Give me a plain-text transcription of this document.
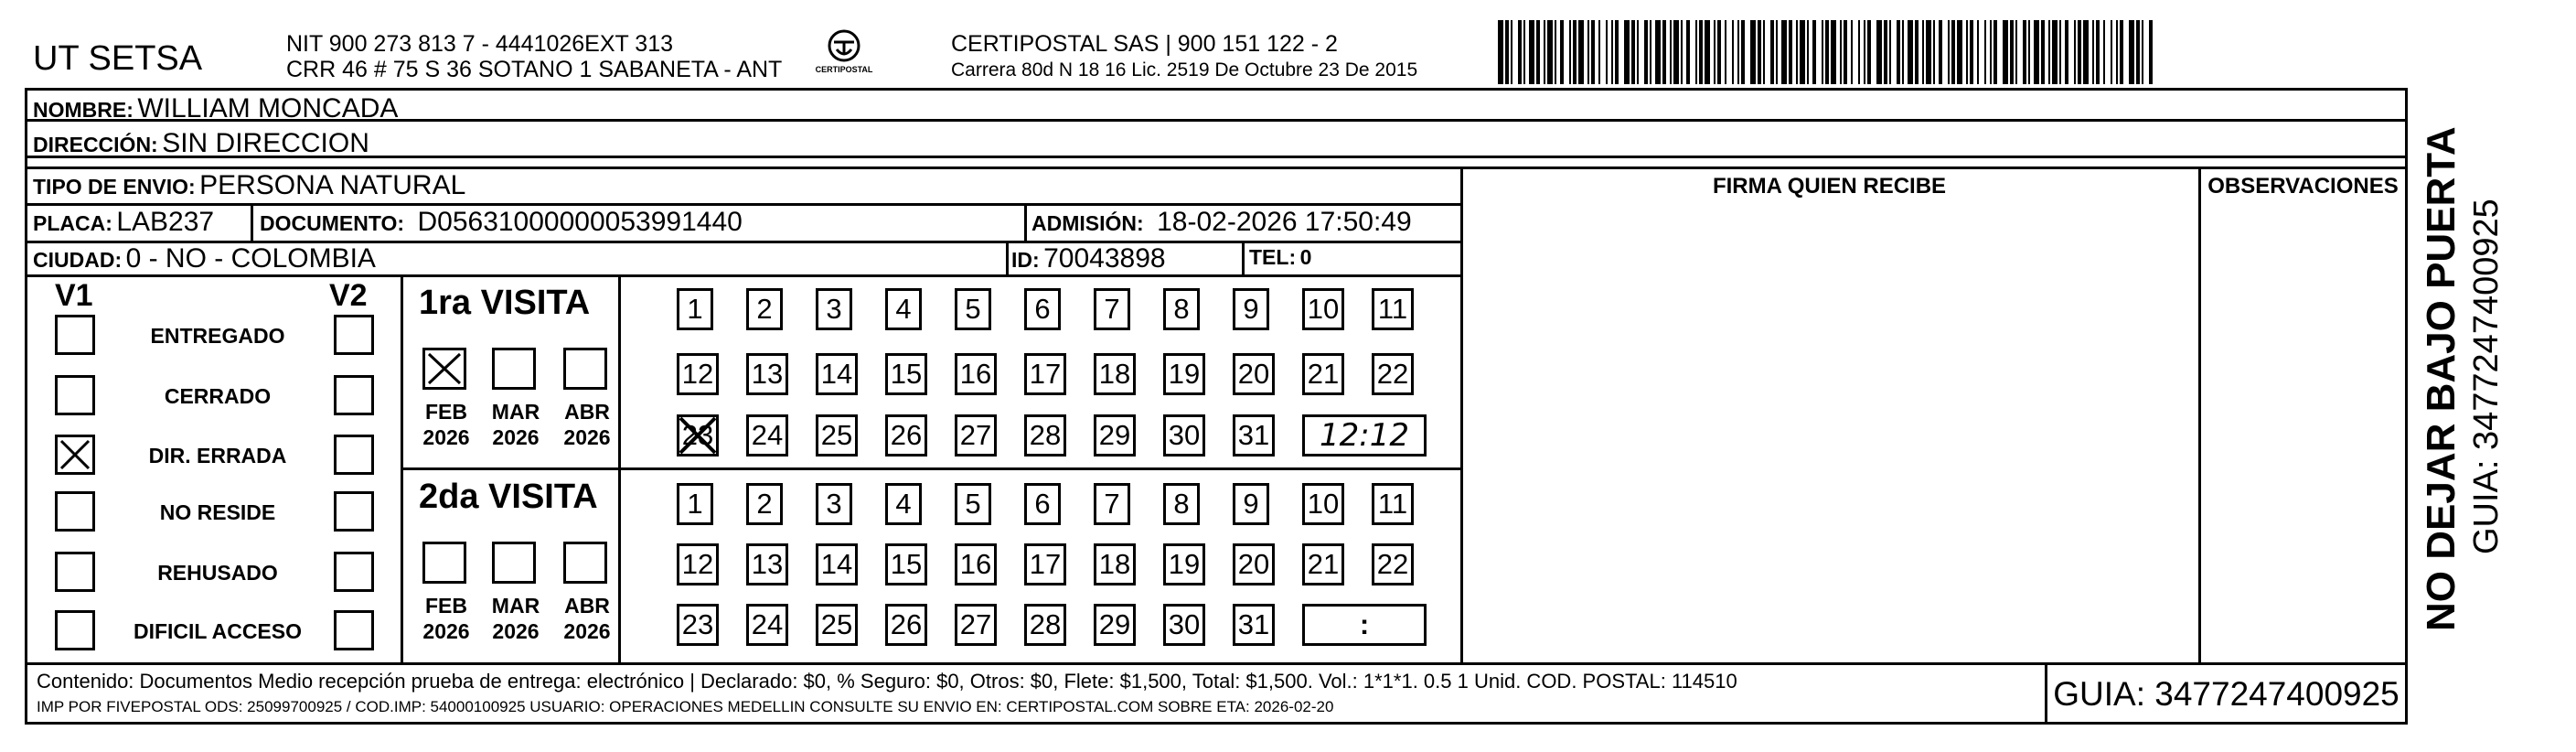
UT SETSA	NIT 900 273 813 7 - 4441026EXT 313
CRR 46 # 75 S 36 SOTANO 1 SABANETA - ANT	CERTIPOSTAL
CERTIPOSTAL SAS | 900 151 122 - 2
Carrera 80d N 18 16 Lic. 2519 De Octubre 23 De 2015
NOMBRE: WILLIAM MONCADA
DIRECCIÓN: SIN DIRECCION
TIPO DE ENVIO: PERSONA NATURAL
PLACA: LAB237 DOCUMENTO: D05631000000053991440	ADMISIÓN: 18-02-2026 17:50:49
CIUDAD: 0 - NO - COLOMBIA	ID: 70043898	TEL: 0
FIRMA QUIEN RECIBE	OBSERVACIONES
V1	V2
ENTREGADO
CERRADO
DIR. ERRADA
NO RESIDE
REHUSADO
DIFICIL ACCESO
1ra VISITA
FEB
2026
MAR
2026
ABR
2026
1	2	3	4	5	6	7	8	9	10 11
12 13 14 15 16 17 18 19 20 21 22
23 24 25 26 27 28 29 30 31 12:12
2da VISITA
FEB
2026
MAR
2026
ABR
2026
1	2	3	4	5	6	7	8	9	10 11
12 13 14 15 16 17 18 19 20 21 22
23 24 25 26 27 28 29 30 31	:
Contenido: Documentos Medio recepción prueba de entrega: electrónico | Declarado: $0, % Seguro: $0, Otros: $0, Flete: $1,500, Total: $1,500. Vol.: 1*1*1. 0.5 1 Unid. COD. POSTAL: 114510
IMP POR FIVEPOSTAL ODS: 25099700925 / COD.IMP: 54000100925 USUARIO: OPERACIONES MEDELLIN CONSULTE SU ENVIO EN: CERTIPOSTAL.COM SOBRE ETA: 2026-02-20	GUIA: 3477247400925
NO DEJAR BAJO PUERTA GUIA: 3477247400925
